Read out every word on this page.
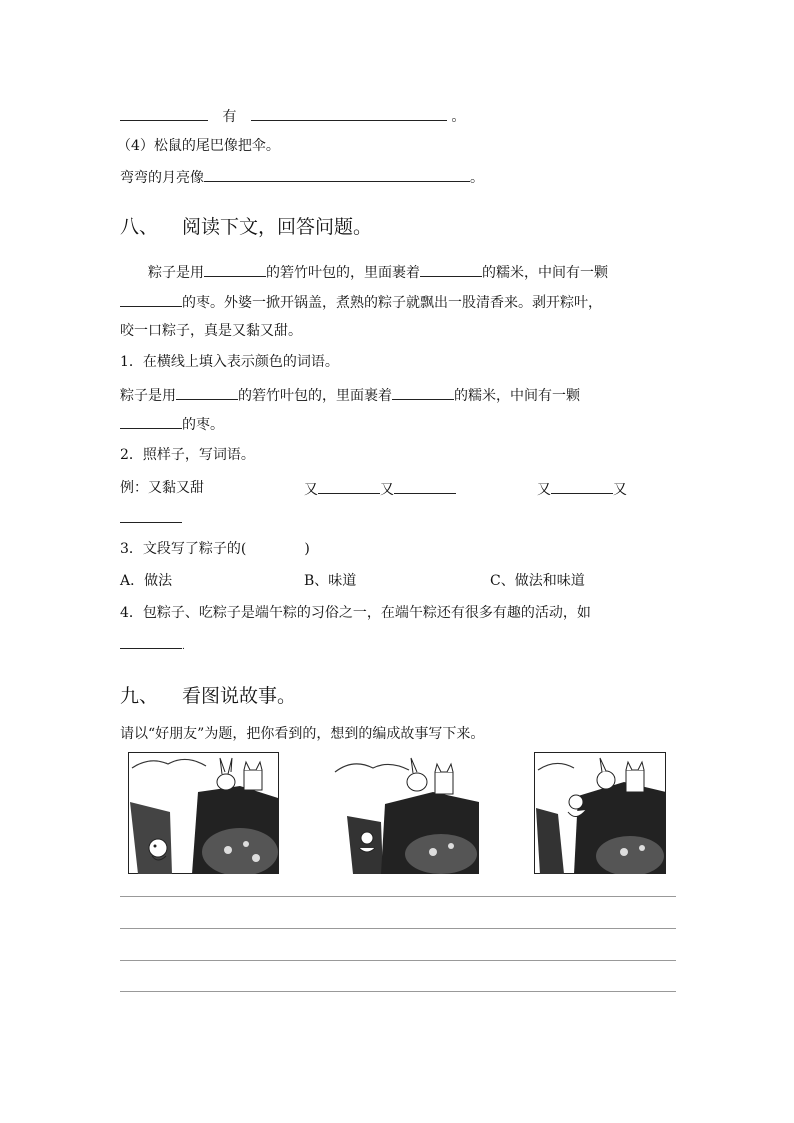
有	。
（4）松鼠的尾巴像把伞。
弯弯的月亮像	。
八、 阅读下文，回答问题。
粽子是用	的箬竹叶包的，里面裹着	的糯米，中间有一颗
的枣。外婆一掀开锅盖，煮熟的粽子就飘出一股清香来。剥开粽叶，
咬一口粽子，真是又黏又甜。
1．在横线上填入表示颜色的词语。
粽子是用	的箬竹叶包的，里面裹着	的糯米，中间有一颗
的枣。
2．照样子，写词语。
例：又黏又甜	又	又	又	又
3．文段写了粽子的(	)
A．做法	B、味道	C、做法和味道
4．包粽子、吃粽子是端午粽的习俗之一，在端午粽还有很多有趣的活动，如
.
九、 看图说故事。
请以“好朋友”为题，把你看到的，想到的编成故事写下来。
